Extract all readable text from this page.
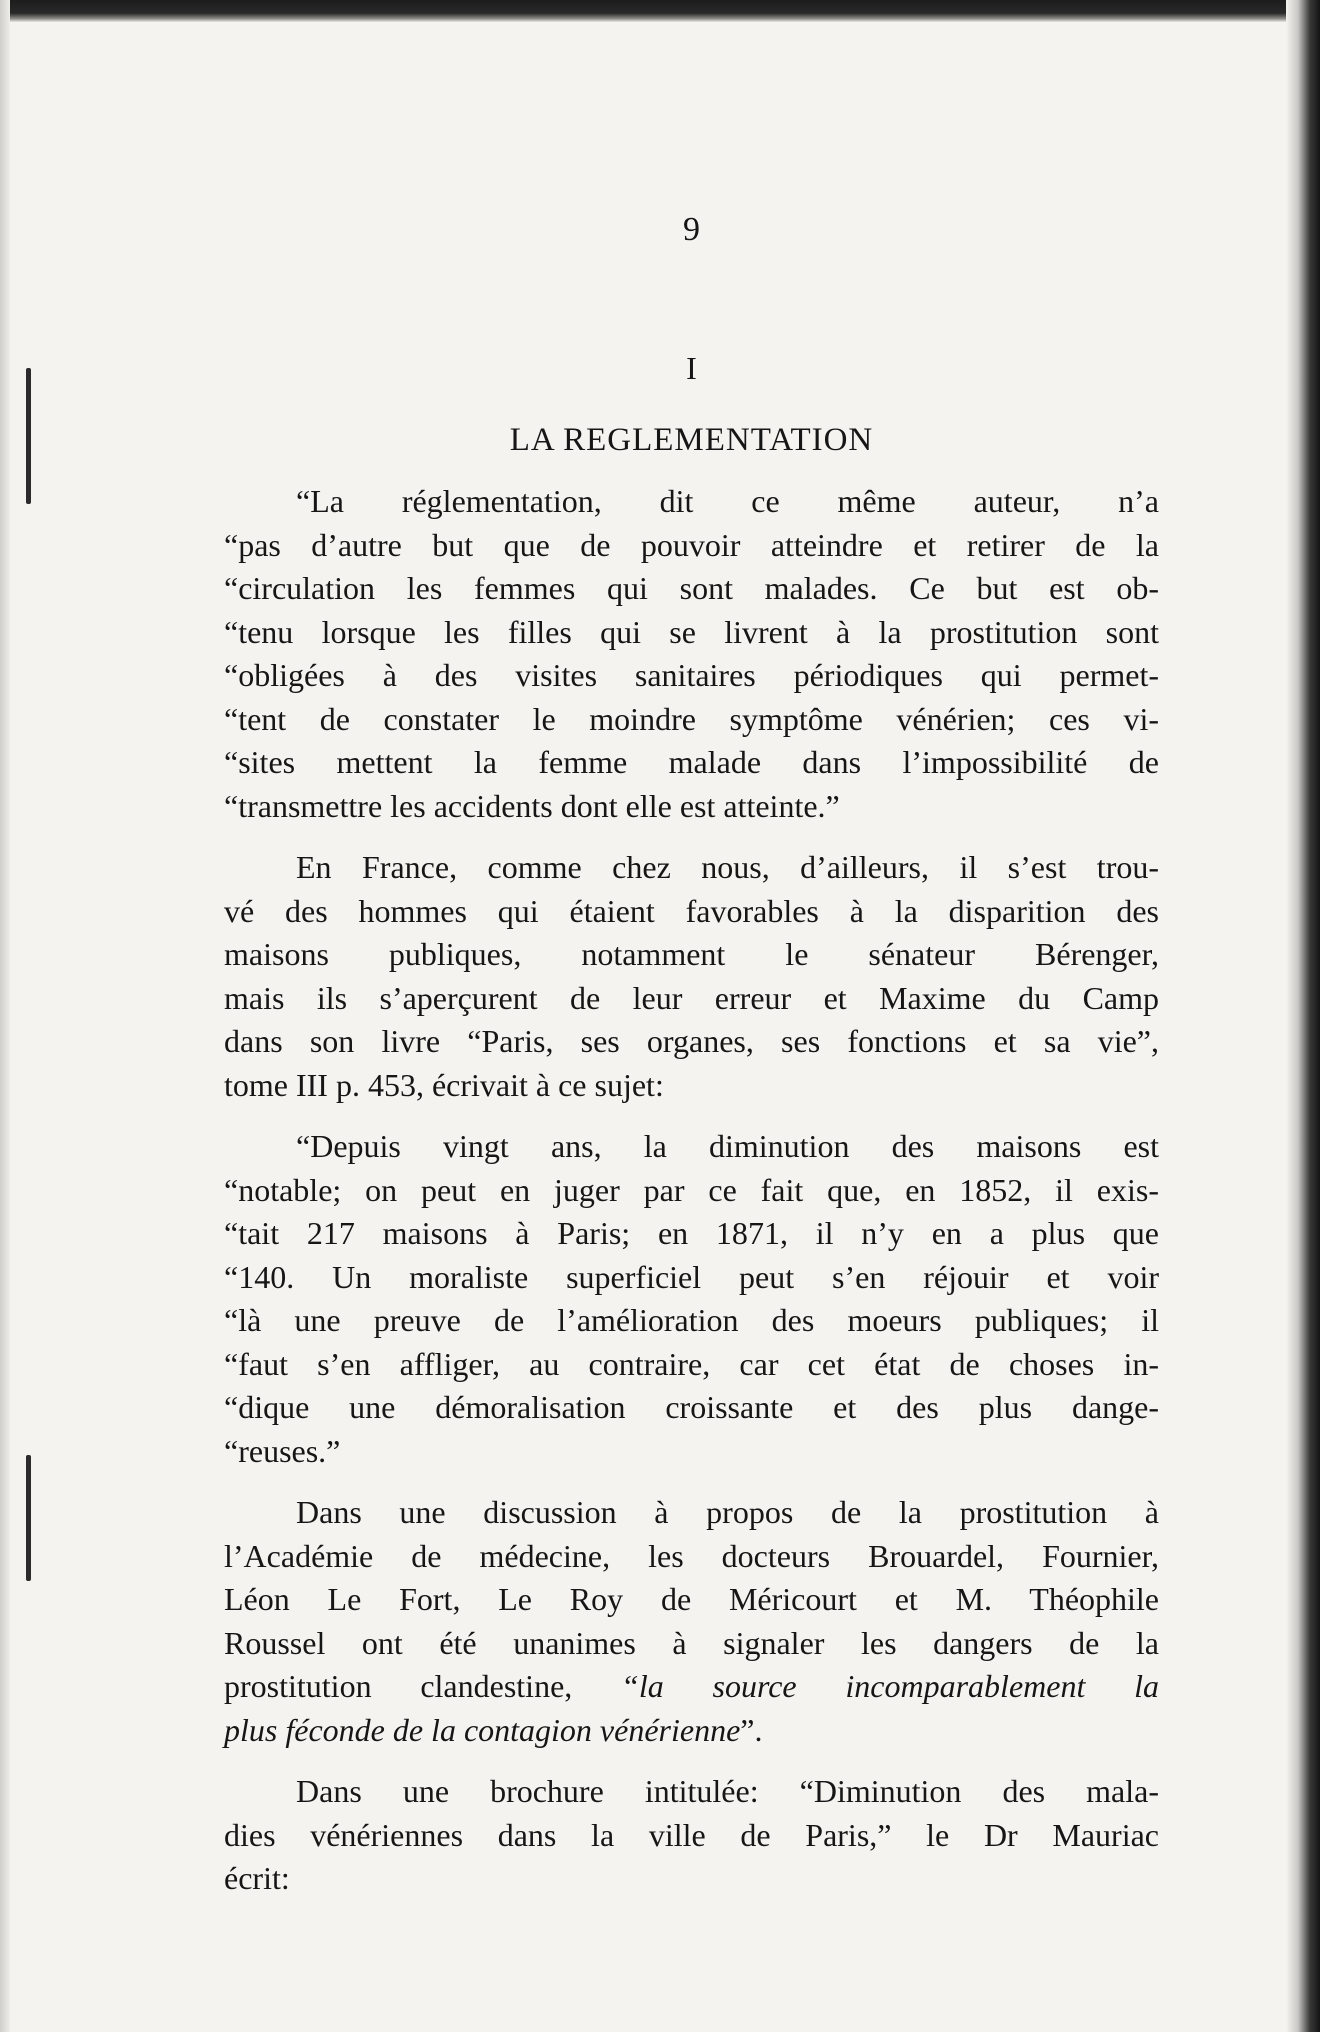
9
I
LA REGLEMENTATION

“La réglementation, dit ce même auteur, n’a
“pas d’autre but que de pouvoir atteindre et retirer de la
“circulation les femmes qui sont malades. Ce but est ob-
“tenu lorsque les filles qui se livrent à la prostitution sont
“obligées à des visites sanitaires périodiques qui permet-
“tent de constater le moindre symptôme vénérien; ces vi-
“sites mettent la femme malade dans l’impossibilité de
“transmettre les accidents dont elle est atteinte.”

En France, comme chez nous, d’ailleurs, il s’est trou-
vé des hommes qui étaient favorables à la disparition des
maisons publiques, notamment le sénateur Bérenger,
mais ils s’aperçurent de leur erreur et Maxime du Camp
dans son livre “Paris, ses organes, ses fonctions et sa vie”,
tome III p. 453, écrivait à ce sujet:

“Depuis vingt ans, la diminution des maisons est
“notable; on peut en juger par ce fait que, en 1852, il exis-
“tait 217 maisons à Paris; en 1871, il n’y en a plus que
“140. Un moraliste superficiel peut s’en réjouir et voir
“là une preuve de l’amélioration des moeurs publiques; il
“faut s’en affliger, au contraire, car cet état de choses in-
“dique une démoralisation croissante et des plus dange-
“reuses.”

Dans une discussion à propos de la prostitution à
l’Académie de médecine, les docteurs Brouardel, Fournier,
Léon Le Fort, Le Roy de Méricourt et M. Théophile
Roussel ont été unanimes à signaler les dangers de la
prostitution clandestine, “la source incomparablement la
plus féconde de la contagion vénérienne”.

Dans une brochure intitulée: “Diminution des mala-
dies vénériennes dans la ville de Paris,” le Dr Mauriac
écrit:
